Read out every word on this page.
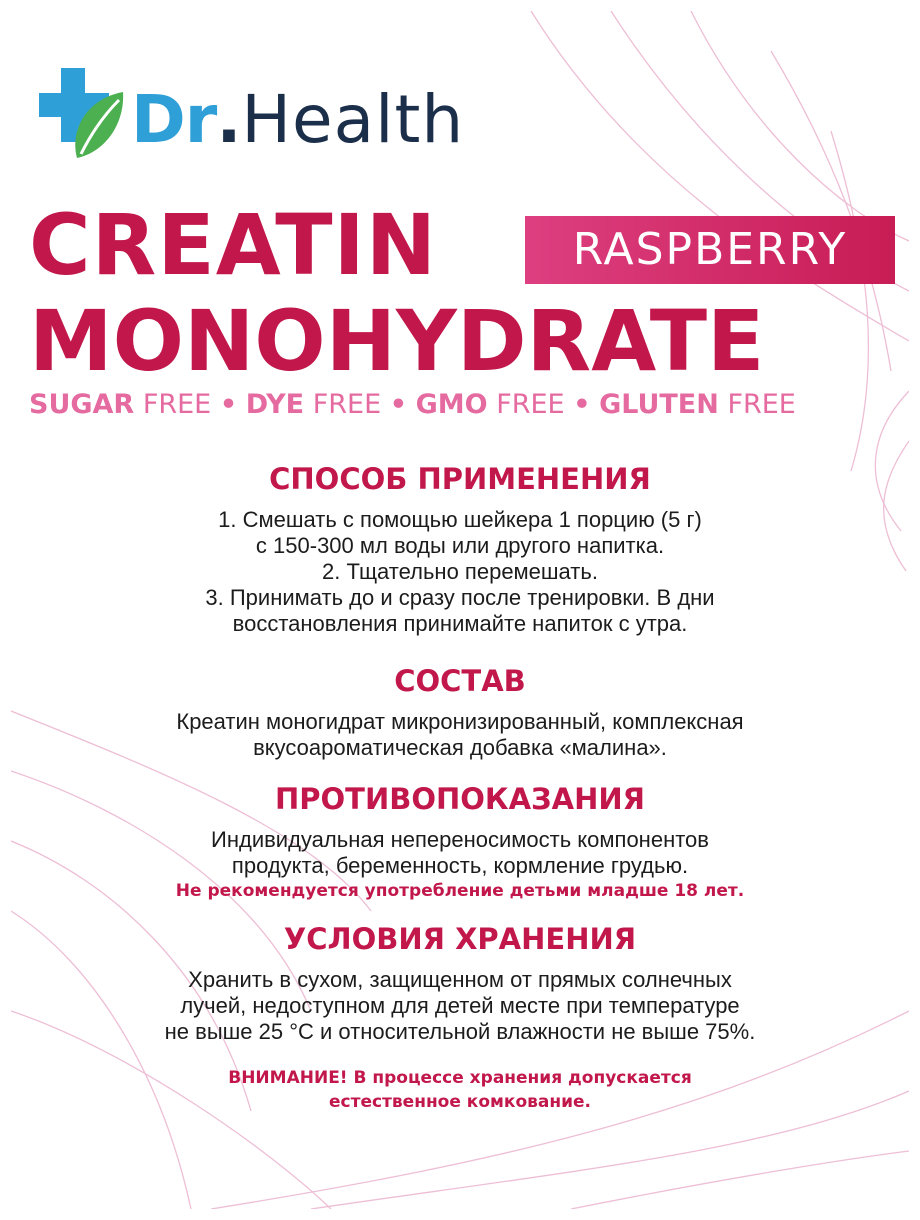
Dr.Health
CREATIN	RASPBERRY
MONOHYDRATE
SUGAR FREE • DYE FREE • GMO FREE • GLUTEN FREE
СПОСОБ ПРИМЕНЕНИЯ

1. Смешать с помощью шейкера 1 порцию (5 г)

с 150-300 мл воды или другого напитка.

2. Тщательно перемешать.

3. Принимать до и сразу после тренировки. В дни

восстановления принимайте напиток с утра.

СОСТАВ

Креатин моногидрат микронизированный, комплексная

вкусоароматическая добавка «малина».

ПРОТИВОПОКАЗАНИЯ

Индивидуальная непереносимость компонентов

продукта, беременность, кормление грудью.

Не рекомендуется употребление детьми младше 18 лет.

УСЛОВИЯ ХРАНЕНИЯ

Хранить в сухом, защищенном от прямых солнечных

лучей, недоступном для детей месте при температуре

не выше 25 °С и относительной влажности не выше 75%.

ВНИМАНИЕ! В процессе хранения допускается
естественное комкование.
